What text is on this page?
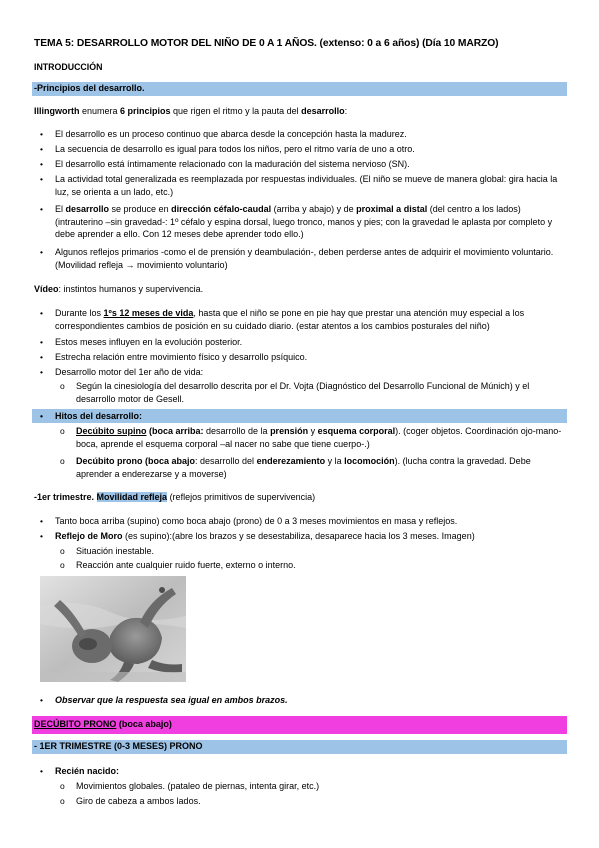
TEMA 5: DESARROLLO MOTOR DEL NIÑO DE 0 A 1 AÑOS. (extenso: 0 a 6 años) (Día 10 MARZO)
INTRODUCCIÓN
-Principios del desarrollo.
Illingworth enumera 6 principios que rigen el ritmo y la pauta del desarrollo:
• El desarrollo es un proceso continuo que abarca desde la concepción hasta la madurez.
• La secuencia de desarrollo es igual para todos los niños, pero el ritmo varía de uno a otro.
• El desarrollo está íntimamente relacionado con la maduración del sistema nervioso (SN).
• La actividad total generalizada es reemplazada por respuestas individuales. (El niño se mueve de manera global: gira hacia la luz, se orienta a un lado, etc.)
• El desarrollo se produce en dirección céfalo-caudal (arriba y abajo) y de proximal a distal (del centro a los lados) (intrauterino –sin gravedad-: 1º céfalo y espina dorsal, luego tronco, manos y pies; con la gravedad le aplasta por completo y debe aprender a ello. Con 12 meses debe aprender todo ello.)
• Algunos reflejos primarios -como el de prensión y deambulación-, deben perderse antes de adquirir el movimiento voluntario. (Movilidad refleja → movimiento voluntario)
Vídeo: instintos humanos y supervivencia.
• Durante los 1ºs 12 meses de vida, hasta que el niño se pone en pie hay que prestar una atención muy especial a los correspondientes cambios de posición en su cuidado diario. (estar atentos a los cambios posturales del niño)
• Estos meses influyen en la evolución posterior.
• Estrecha relación entre movimiento físico y desarrollo psíquico.
• Desarrollo motor del 1er año de vida:
o Según la cinesiología del desarrollo descrita por el Dr. Vojta (Diagnóstico del Desarrollo Funcional de Múnich) y el desarrollo motor de Gesell.
• Hitos del desarrollo:
o Decúbito supino (boca arriba: desarrollo de la prensión y esquema corporal). (coger objetos. Coordinación ojo-mano-boca, aprende el esquema corporal –al nacer no sabe que tiene cuerpo-.)
o Decúbito prono (boca abajo: desarrollo del enderezamiento y la locomoción). (lucha contra la gravedad. Debe aprender a enderezarse y a moverse)
-1er trimestre. Movilidad refleja (reflejos primitivos de supervivencia)
• Tanto boca arriba (supino) como boca abajo (prono) de 0 a 3 meses movimientos en masa y reflejos.
• Reflejo de Moro (es supino):(abre los brazos y se desestabiliza, desaparece hacia los 3 meses. Imagen)
o Situación inestable.
o Reacción ante cualquier ruido fuerte, externo o interno.
• Observar que la respuesta sea igual en ambos brazos.
DECÚBITO PRONO (boca abajo)
- 1ER TRIMESTRE (0-3 MESES) PRONO
• Recién nacido:
o Movimientos globales. (pataleo de piernas, intenta girar, etc.)
o Giro de cabeza a ambos lados.
